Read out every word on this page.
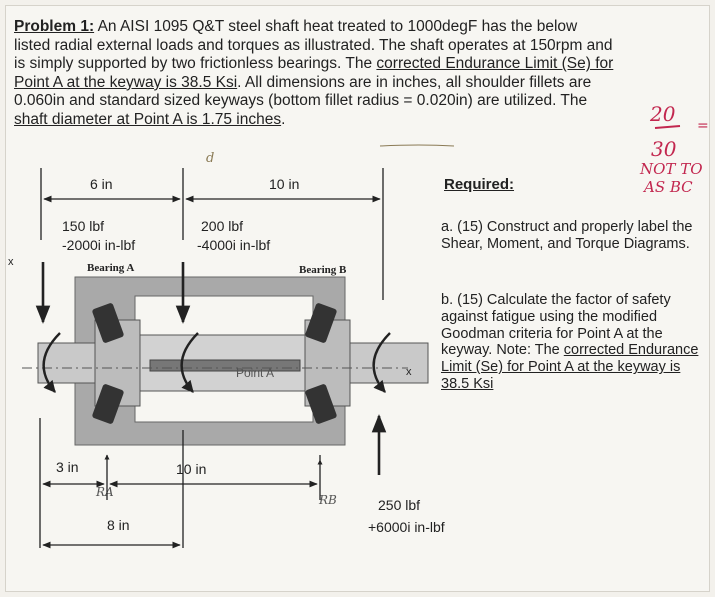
Problem 1: An AISI 1095 Q&T steel shaft heat treated to 1000degF has the below
listed radial external loads and torques as illustrated. The shaft operates at 150rpm and
is simply supported by two frictionless bearings. The corrected Endurance Limit (Se) for
Point A at the keyway is 38.5 Ksi. All dimensions are in inches, all shoulder fillets are
0.060in and standard sized keyways (bottom fillet radius = 0.020in) are utilized. The
shaft diameter at Point A is 1.75 inches.	20 =
30
NOT TO
AS BC
d
RA
RB
6 in	10 in
150 lbf
-2000i in-lbf
200 lbf
-4000i in-lbf
Bearing A	Bearing B
x
x
Point A
3 in	10 in
8 in
250 lbf
+6000i in-lbf
Required:
a. (15) Construct and properly label the Shear, Moment, and Torque Diagrams.
b. (15) Calculate the factor of safety against fatigue using the modified Goodman criteria for Point A at the keyway. Note: The corrected Endurance Limit (Se) for Point A at the keyway is 38.5 Ksi
